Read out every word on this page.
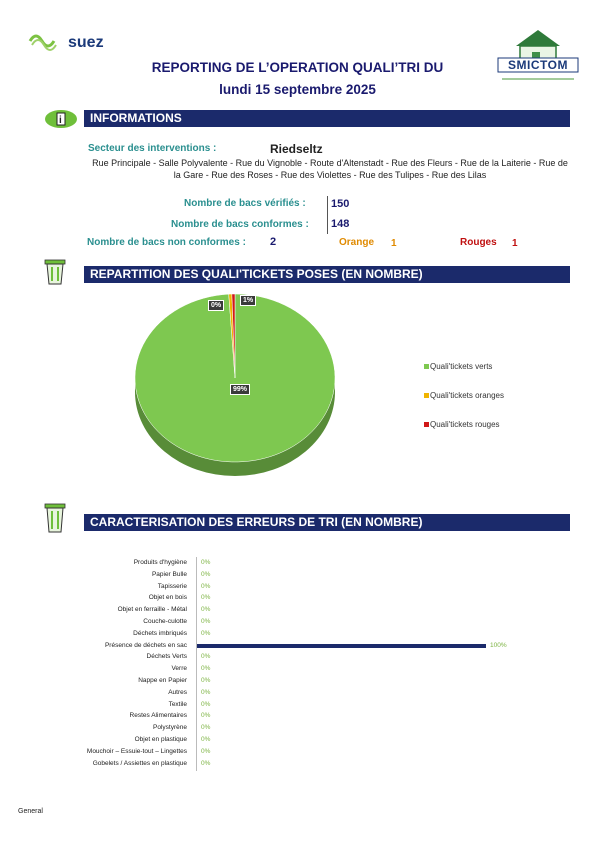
suez
REPORTING DE L’OPERATION QUALI’TRI DU
lundi 15 septembre 2025
SMICTOM
i	INFORMATIONS
Secteur des interventions :	Riedseltz
Rue Principale - Salle Polyvalente - Rue du Vignoble - Route d'Altenstadt - Rue des Fleurs - Rue de la Laiterie - Rue de la Gare - Rue des Roses - Rue des Violettes - Rue des Tulipes - Rue des Lilas
Nombre de bacs vérifiés : 150
Nombre de bacs conformes : 148
Nombre de bacs non conformes : 2	Orange 1	Rouges 1
REPARTITION DES QUALI'TICKETS POSES (EN NOMBRE)
0%
1%
99%
Quali'tickets verts
Quali'tickets oranges
Quali'tickets rouges
CARACTERISATION DES ERREURS DE TRI (EN NOMBRE)
Produits d'hygiène 0%
Papier Bulle 0%
Tapisserie 0%
Objet en bois 0%
Objet en ferraille - Métal 0%
Couche-culotte 0%
Déchets imbriqués 0%
Présence de déchets en sac	100%
Déchets Verts 0%
Verre 0%
Nappe en Papier 0%
Autres 0%
Textile 0%
Restes Alimentaires 0%
Polystyrène 0%
Objet en plastique 0%
Mouchoir – Essuie-tout – Lingettes 0%
Gobelets / Assiettes en plastique 0%
General
